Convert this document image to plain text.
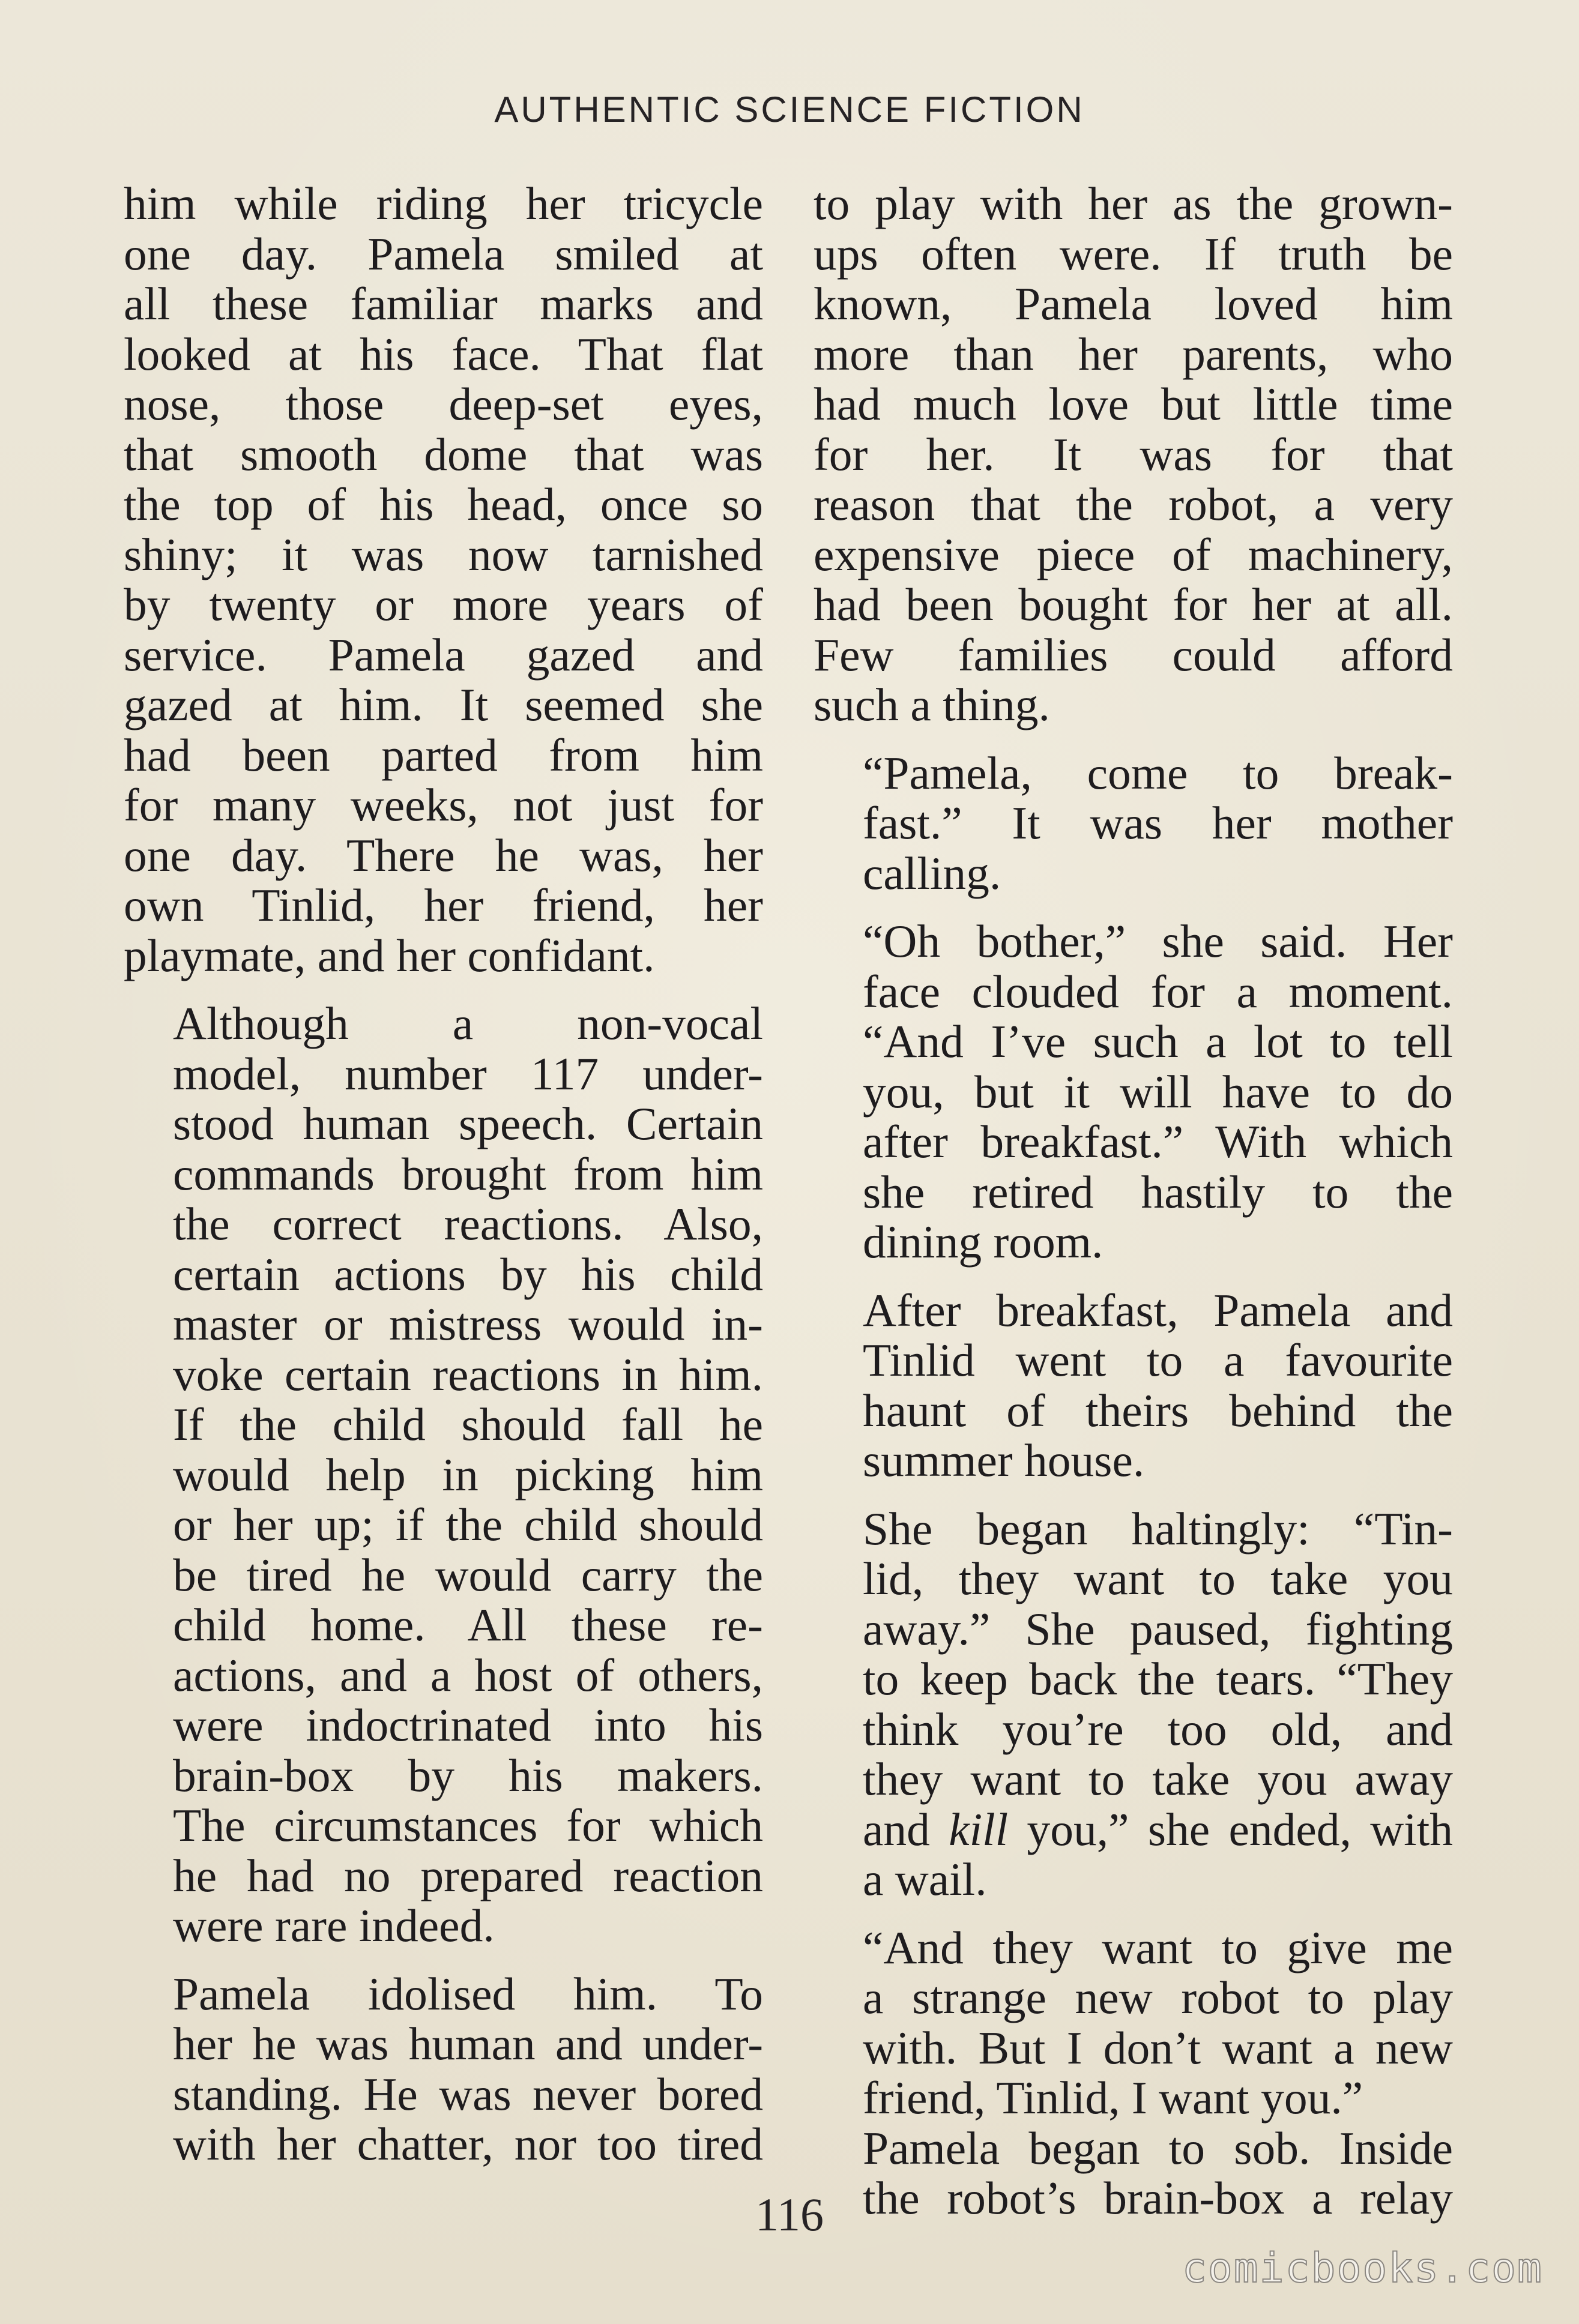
AUTHENTIC SCIENCE FICTION

him while riding her tricycle
one day. Pamela smiled at
all these familiar marks and
looked at his face. That flat
nose, those deep-set eyes,
that smooth dome that was
the top of his head, once so
shiny; it was now tarnished
by twenty or more years of
service. Pamela gazed and
gazed at him. It seemed she
had been parted from him
for many weeks, not just for
one day. There he was, her
own Tinlid, her friend, her
playmate, and her confidant.

Although a non-vocal
model, number 117 under-
stood human speech. Certain
commands brought from him
the correct reactions. Also,
certain actions by his child
master or mistress would in-
voke certain reactions in him.
If the child should fall he
would help in picking him
or her up; if the child should
be tired he would carry the
child home. All these re-
actions, and a host of others,
were indoctrinated into his
brain-box by his makers.
The circumstances for which
he had no prepared reaction
were rare indeed.

Pamela idolised him. To
her he was human and under-
standing. He was never bored
with her chatter, nor too tired

to play with her as the grown-
ups often were. If truth be
known, Pamela loved him
more than her parents, who
had much love but little time
for her. It was for that
reason that the robot, a very
expensive piece of machinery,
had been bought for her at all.
Few families could afford
such a thing.

“Pamela, come to break-
fast.” It was her mother
calling.

“Oh bother,” she said. Her
face clouded for a moment.
“And I’ve such a lot to tell
you, but it will have to do
after breakfast.” With which
she retired hastily to the
dining room.

After breakfast, Pamela and
Tinlid went to a favourite
haunt of theirs behind the
summer house.

She began haltingly: “Tin-
lid, they want to take you
away.” She paused, fighting
to keep back the tears. “They
think you’re too old, and
they want to take you away
and kill you,” she ended, with
a wail.

“And they want to give me
a strange new robot to play
with. But I don’t want a new
friend, Tinlid, I want you.”

Pamela began to sob. Inside
the robot’s brain-box a relay

116
comicbooks.com
